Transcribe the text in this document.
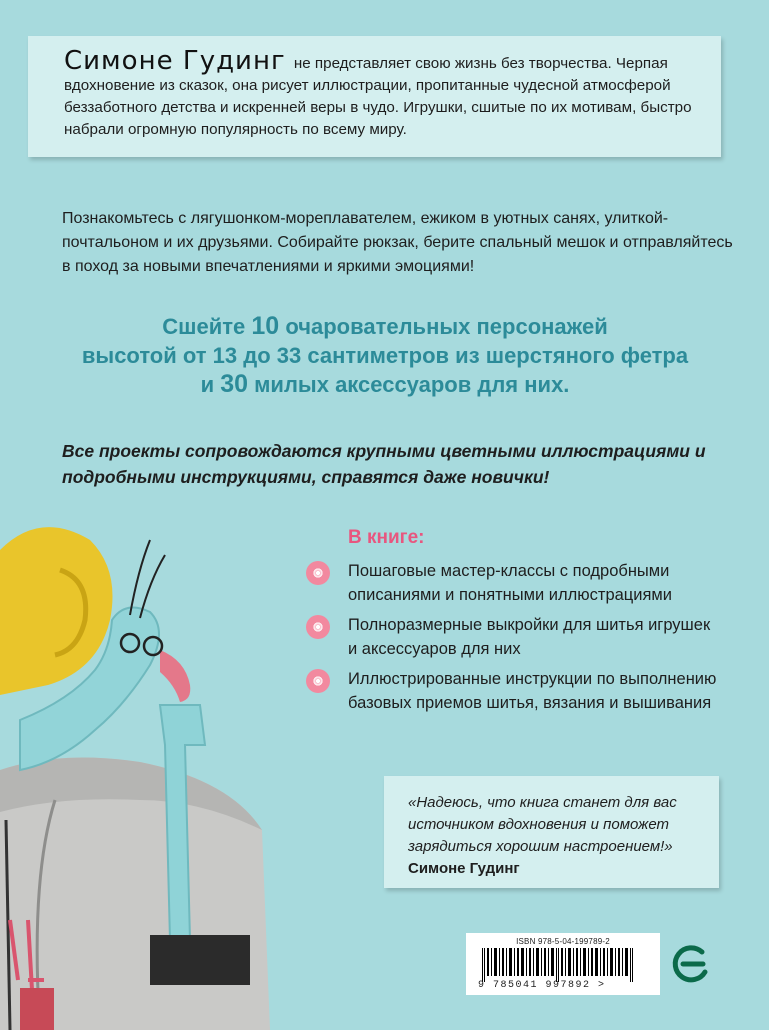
Симоне Гудинг не представляет свою жизнь без творчества. Черпая вдохновение из сказок, она рисует иллюстрации, пропитанные чудесной атмосферой беззаботного детства и искренней веры в чудо. Игрушки, сшитые по их мотивам, быстро набрали огромную популярность по всему миру.

Познакомьтесь с лягушонком-мореплавателем, ежиком в уютных санях, улиткой-почтальоном и их друзьями. Собирайте рюкзак, берите спальный мешок и отправляйтесь в поход за новыми впечатлениями и яркими эмоциями!

Сшейте 10 очаровательных персонажей
высотой от 13 до 33 сантиметров из шерстяного фетра
и 30 милых аксессуаров для них.

Все проекты сопровождаются крупными цветными иллюстрациями и подробными инструкциями, справятся даже новички!

В книге:
Пошаговые мастер-классы с подробными описаниями и понятными иллюстрациями
Полноразмерные выкройки для шитья игрушек и аксессуаров для них
Иллюстрированные инструкции по выполнению базовых приемов шитья, вязания и вышивания
«Надеюсь, что книга станет для вас источником вдохновения и поможет зарядиться хорошим настроением!»
Симоне Гудинг
ISBN 978-5-04-199789-2
9 785041 997892 >
